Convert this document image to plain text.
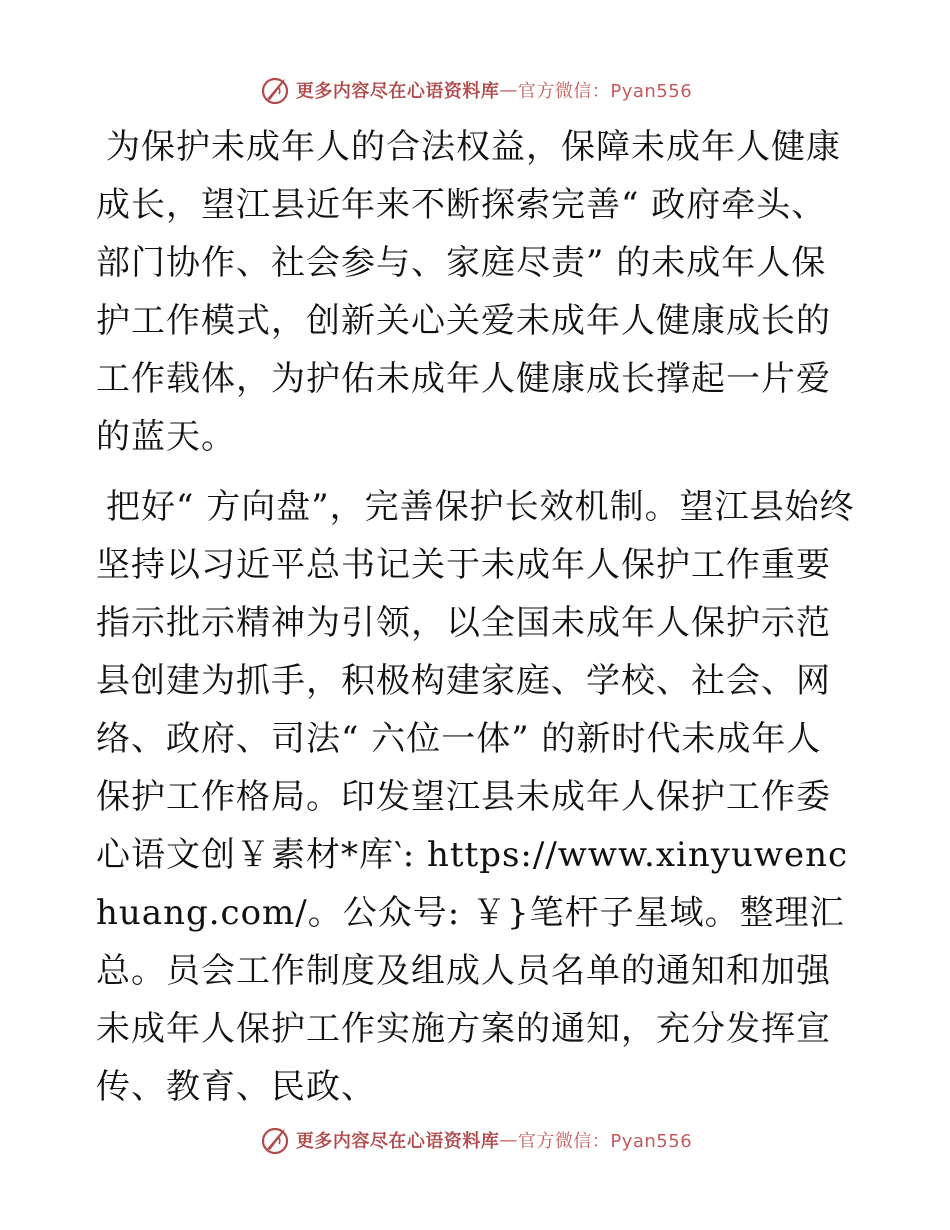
更多内容尽在心语资料库 — 官方微信：Pyan556

为保护未成年人的合法权益，保障未成年人健康成长，望江县近年来不断探索完善“ 政府牵头、部门协作、社会参与、家庭尽责” 的未成年人保护工作模式，创新关心关爱未成年人健康成长的工作载体，为护佑未成年人健康成长撑起一片爱的蓝天。

把好“ 方向盘”，完善保护长效机制。望江县始终坚持以习近平总书记关于未成年人保护工作重要指示批示精神为引领，以全国未成年人保护示范县创建为抓手，积极构建家庭、学校、社会、网络、政府、司法“ 六位一体” 的新时代未成年人保护工作格局。印发望江县未成年人保护工作委心语文创￥素材*库‵: https://www.xinyuwenchuang.com/。公众号: ￥}笔杆子星域。整理汇总。员会工作制度及组成人员名单的通知和加强未成年人保护工作实施方案的通知，充分发挥宣传、教育、民政、

更多内容尽在心语资料库 — 官方微信：Pyan556
